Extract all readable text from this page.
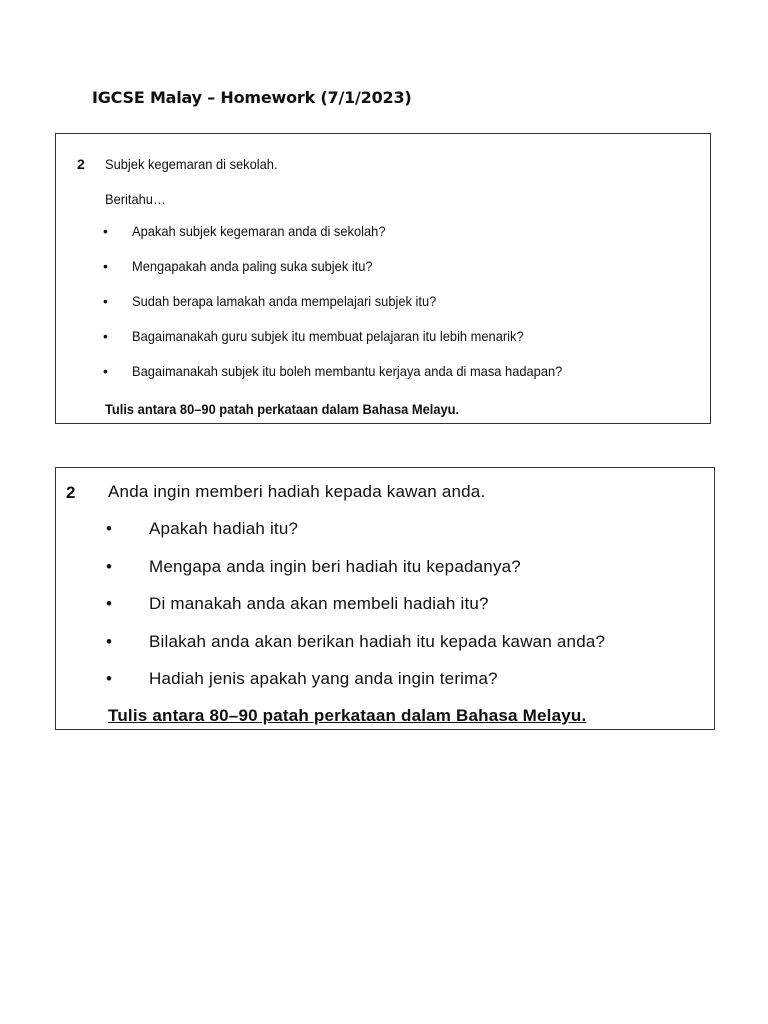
IGCSE Malay – Homework (7/1/2023)
2 Subjek kegemaran di sekolah.
Beritahu…
• Apakah subjek kegemaran anda di sekolah?
• Mengapakah anda paling suka subjek itu?
• Sudah berapa lamakah anda mempelajari subjek itu?
• Bagaimanakah guru subjek itu membuat pelajaran itu lebih menarik?
• Bagaimanakah subjek itu boleh membantu kerjaya anda di masa hadapan?
Tulis antara 80–90 patah perkataan dalam Bahasa Melayu.
2 Anda ingin memberi hadiah kepada kawan anda.
• Apakah hadiah itu?
• Mengapa anda ingin beri hadiah itu kepadanya?
• Di manakah anda akan membeli hadiah itu?
• Bilakah anda akan berikan hadiah itu kepada kawan anda?
• Hadiah jenis apakah yang anda ingin terima?
Tulis antara 80–90 patah perkataan dalam Bahasa Melayu.
